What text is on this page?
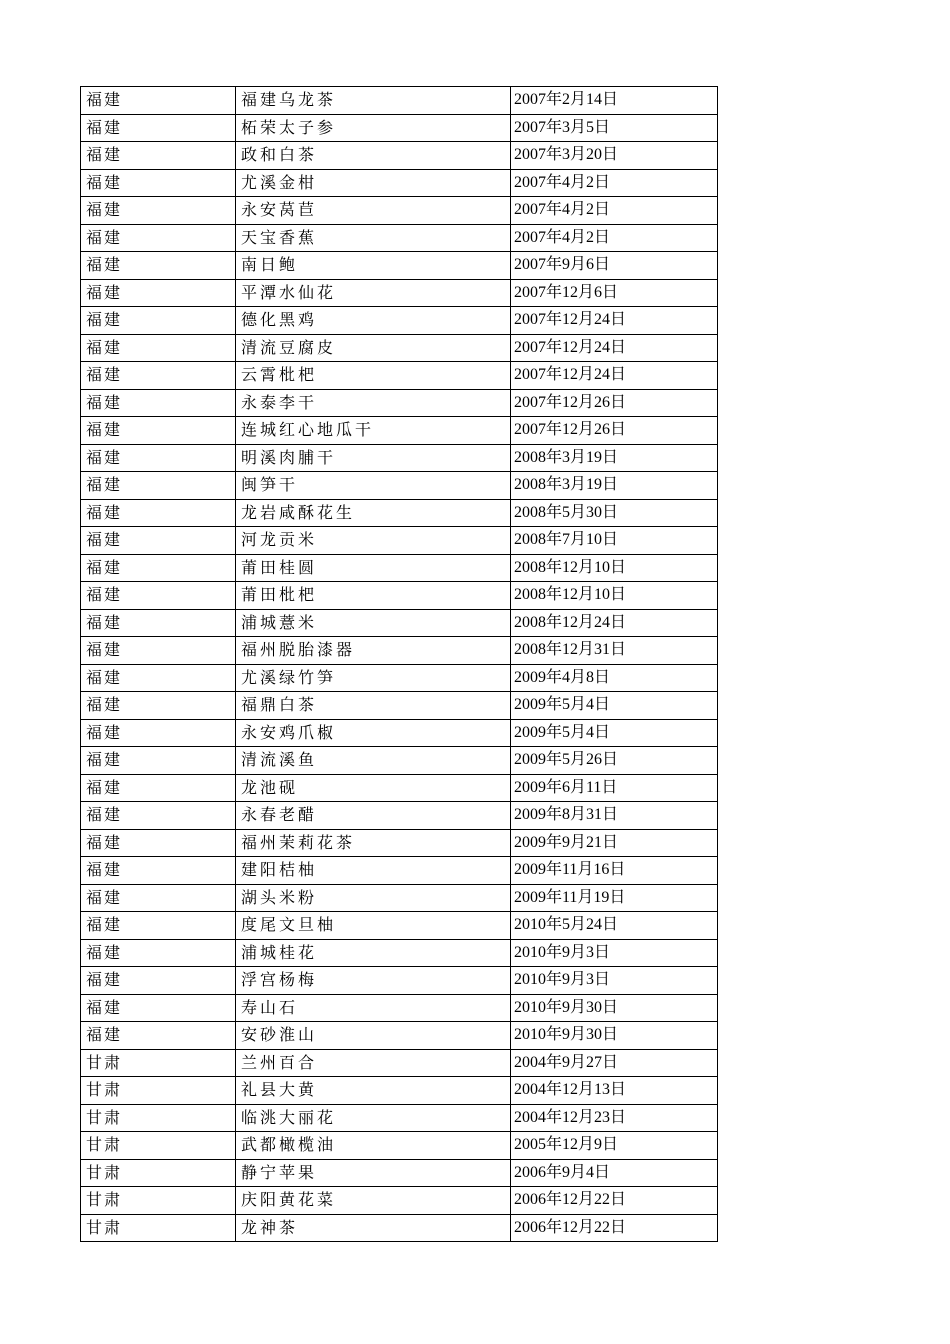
福建	福建乌龙茶	2007年2月14日
福建	柘荣太子参	2007年3月5日
福建	政和白茶	2007年3月20日
福建	尤溪金柑	2007年4月2日
福建	永安莴苣	2007年4月2日
福建	天宝香蕉	2007年4月2日
福建	南日鲍	2007年9月6日
福建	平潭水仙花	2007年12月6日
福建	德化黑鸡	2007年12月24日
福建	清流豆腐皮	2007年12月24日
福建	云霄枇杷	2007年12月24日
福建	永泰李干	2007年12月26日
福建	连城红心地瓜干	2007年12月26日
福建	明溪肉脯干	2008年3月19日
福建	闽笋干	2008年3月19日
福建	龙岩咸酥花生	2008年5月30日
福建	河龙贡米	2008年7月10日
福建	莆田桂圆	2008年12月10日
福建	莆田枇杷	2008年12月10日
福建	浦城薏米	2008年12月24日
福建	福州脱胎漆器	2008年12月31日
福建	尤溪绿竹笋	2009年4月8日
福建	福鼎白茶	2009年5月4日
福建	永安鸡爪椒	2009年5月4日
福建	清流溪鱼	2009年5月26日
福建	龙池砚	2009年6月11日
福建	永春老醋	2009年8月31日
福建	福州茉莉花茶	2009年9月21日
福建	建阳桔柚	2009年11月16日
福建	湖头米粉	2009年11月19日
福建	度尾文旦柚	2010年5月24日
福建	浦城桂花	2010年9月3日
福建	浮宫杨梅	2010年9月3日
福建	寿山石	2010年9月30日
福建	安砂淮山	2010年9月30日
甘肃	兰州百合	2004年9月27日
甘肃	礼县大黄	2004年12月13日
甘肃	临洮大丽花	2004年12月23日
甘肃	武都橄榄油	2005年12月9日
甘肃	静宁苹果	2006年9月4日
甘肃	庆阳黄花菜	2006年12月22日
甘肃	龙神茶	2006年12月22日
